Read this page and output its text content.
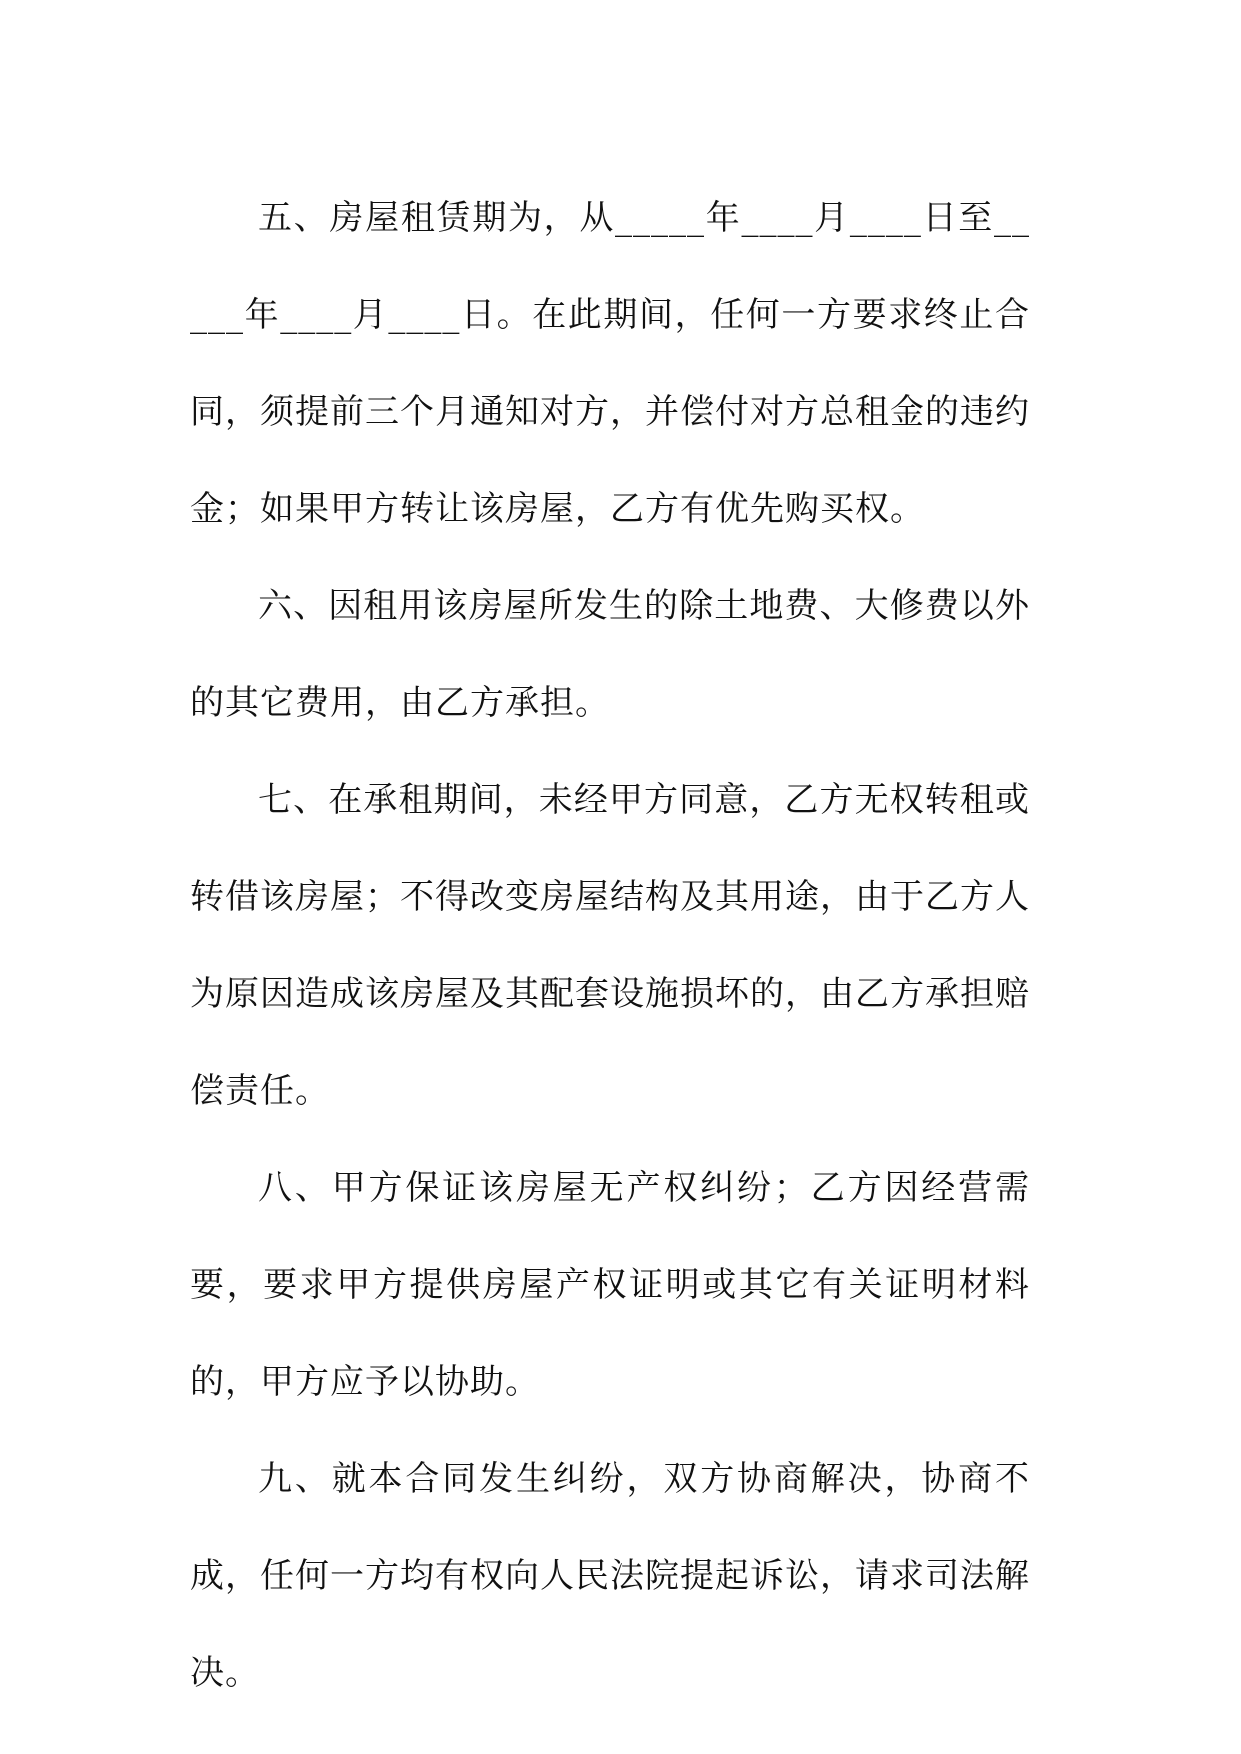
五、房屋租赁期为，从_____年____月____日至_____年____月____日。在此期间，任何一方要求终止合同，须提前三个月通知对方，并偿付对方总租金的违约金；如果甲方转让该房屋，乙方有优先购买权。

六、因租用该房屋所发生的除土地费、大修费以外的其它费用，由乙方承担。

七、在承租期间，未经甲方同意，乙方无权转租或转借该房屋；不得改变房屋结构及其用途，由于乙方人为原因造成该房屋及其配套设施损坏的，由乙方承担赔偿责任。

八、甲方保证该房屋无产权纠纷；乙方因经营需要，要求甲方提供房屋产权证明或其它有关证明材料的，甲方应予以协助。

九、就本合同发生纠纷，双方协商解决，协商不成，任何一方均有权向人民法院提起诉讼，请求司法解决。
